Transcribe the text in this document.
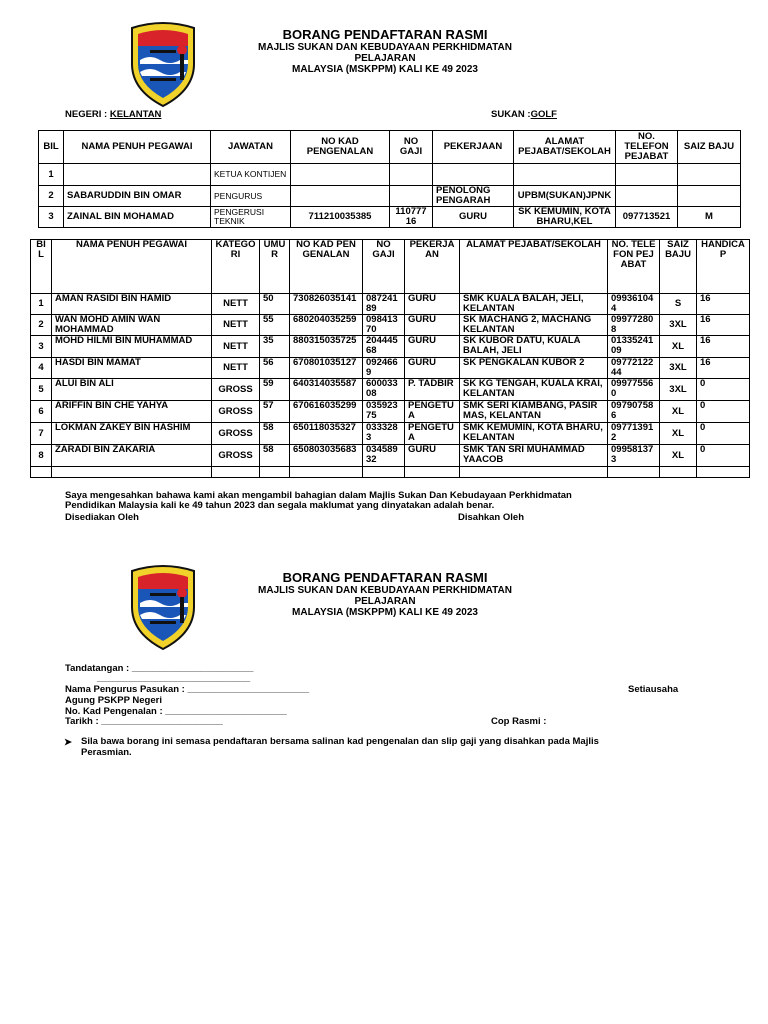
BORANG PENDAFTARAN RASMI
MAJLIS SUKAN DAN KEBUDAYAAN PERKHIDMATAN
PELAJARAN
MALAYSIA (MSKPPM) KALI KE 49 2023
NEGERI : KELANTAN	SUKAN :GOLF
BIL	NAMA PENUH PEGAWAI	JAWATAN	NO KAD PENGENALAN	NO GAJI	PEKERJAAN	ALAMAT PEJABAT/SEKOLAH	NO. TELEFON PEJABAT	SAIZ BAJU
1		KETUA KONTIJEN						
2	SABARUDDIN BIN OMAR	PENGURUS			PENOLONG PENGARAH	UPBM(SUKAN)JPNK		
3	ZAINAL BIN MOHAMAD	PENGERUSI TEKNIK	711210035385	11077716	GURU	SK KEMUMIN, KOTA BHARU,KEL	097713521	M
BIL	NAMA PENUH PEGAWAI	KATEGORI	UMUR	NO KAD PENGENALAN	NO GAJI	PEKERJAAN	ALAMAT PEJABAT/SEKOLAH	NO. TELEFON PEJABAT	SAIZ BAJU	HANDICAP
1	AMAN RASIDI BIN HAMID	NETT	50	730826035141	08724189	GURU	SMK KUALA BALAH, JELI, KELANTAN	099361044	S	16
2	WAN MOHD AMIN WAN MOHAMMAD	NETT	55	680204035259	09841370	GURU	SK MACHANG 2, MACHANG KELANTAN	099772808	3XL	16
3	MOHD HILMI BIN MUHAMMAD	NETT	35	880315035725	20444568	GURU	SK KUBOR DATU, KUALA BALAH, JELI	0133524109	XL	16
4	HASDI BIN MAMAT	NETT	56	670801035127	0924669	GURU	SK PENGKALAN KUBOR 2	0977212244	3XL	16
5	ALUI BIN ALI	GROSS	59	640314035587	60003308	P. TADBIR	SK KG TENGAH, KUALA KRAI, KELANTAN	099775560	3XL	0
6	ARIFFIN BIN CHE YAHYA	GROSS	57	670616035299	03592375	PENGETUA	SMK SERI KIAMBANG, PASIR MAS, KELANTAN	097907586	XL	0
7	LOKMAN ZAKEY BIN HASHIM	GROSS	58	650118035327	0333283	PENGETUA	SMK KEMUMIN, KOTA BHARU, KELANTAN	097713912	XL	0
8	ZARADI BIN ZAKARIA	GROSS	58	650803035683	03458932	GURU	SMK TAN SRI MUHAMMAD YAACOB	099581373	XL	0

Saya mengesahkan bahawa kami akan mengambil bahagian dalam Majlis Sukan Dan Kebudayaan Perkhidmatan
Pendidikan Malaysia kali ke 49 tahun 2023 dan segala maklumat yang dinyatakan adalah benar.
Disediakan Oleh	Disahkan Oleh
BORANG PENDAFTARAN RASMI
MAJLIS SUKAN DAN KEBUDAYAAN PERKHIDMATAN
PELAJARAN
MALAYSIA (MSKPPM) KALI KE 49 2023
Tandatangan : _______________________
_____________________________
Nama Pengurus Pasukan : _______________________	Setiausaha
Agung PSKPP Negeri
No. Kad Pengenalan : _______________________
Tarikh : _______________________	Cop Rasmi :
➤ Sila bawa borang ini semasa pendaftaran bersama salinan kad pengenalan dan slip gaji yang disahkan pada Majlis
Perasmian.
